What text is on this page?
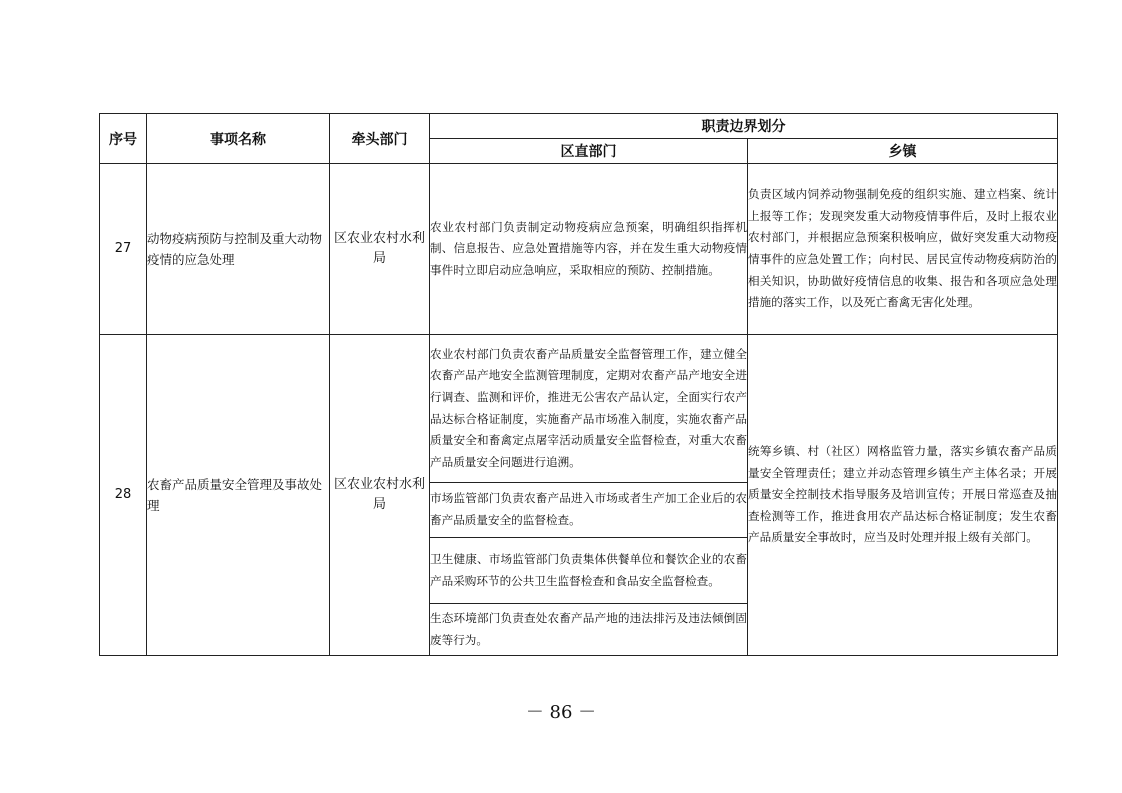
序号	事项名称	牵头部门	职责边界划分	
			区直部门	乡镇
27	动物疫病预防与控制及重大动物疫情的应急处理	区农业农村水利局	农业农村部门负责制定动物疫病应急预案，明确组织指挥机制、信息报告、应急处置措施等内容，并在发生重大动物疫情事件时立即启动应急响应，采取相应的预防、控制措施。	负责区域内饲养动物强制免疫的组织实施、建立档案、统计上报等工作；发现突发重大动物疫情事件后，及时上报农业农村部门，并根据应急预案积极响应，做好突发重大动物疫情事件的应急处置工作；向村民、居民宣传动物疫病防治的相关知识，协助做好疫情信息的收集、报告和各项应急处理措施的落实工作，以及死亡畜禽无害化处理。
28	农畜产品质量安全管理及事故处理	区农业农村水利局	农业农村部门负责农畜产品质量安全监督管理工作，建立健全农畜产品产地安全监测管理制度，定期对农畜产品产地安全进行调查、监测和评价，推进无公害农产品认定，全面实行农产品达标合格证制度，实施畜产品市场准入制度，实施农畜产品质量安全和畜禽定点屠宰活动质量安全监督检查，对重大农畜产品质量安全问题进行追溯。	统筹乡镇、村（社区）网格监管力量，落实乡镇农畜产品质量安全管理责任；建立并动态管理乡镇生产主体名录；开展质量安全控制技术指导服务及培训宣传；开展日常巡查及抽查检测等工作，推进食用农产品达标合格证制度；发生农畜产品质量安全事故时，应当及时处理并报上级有关部门。
			市场监管部门负责农畜产品进入市场或者生产加工企业后的农畜产品质量安全的监督检查。	
			卫生健康、市场监管部门负责集体供餐单位和餐饮企业的农畜产品采购环节的公共卫生监督检查和食品安全监督检查。	
			生态环境部门负责查处农畜产品产地的违法排污及违法倾倒固废等行为。	
－ 86 －
